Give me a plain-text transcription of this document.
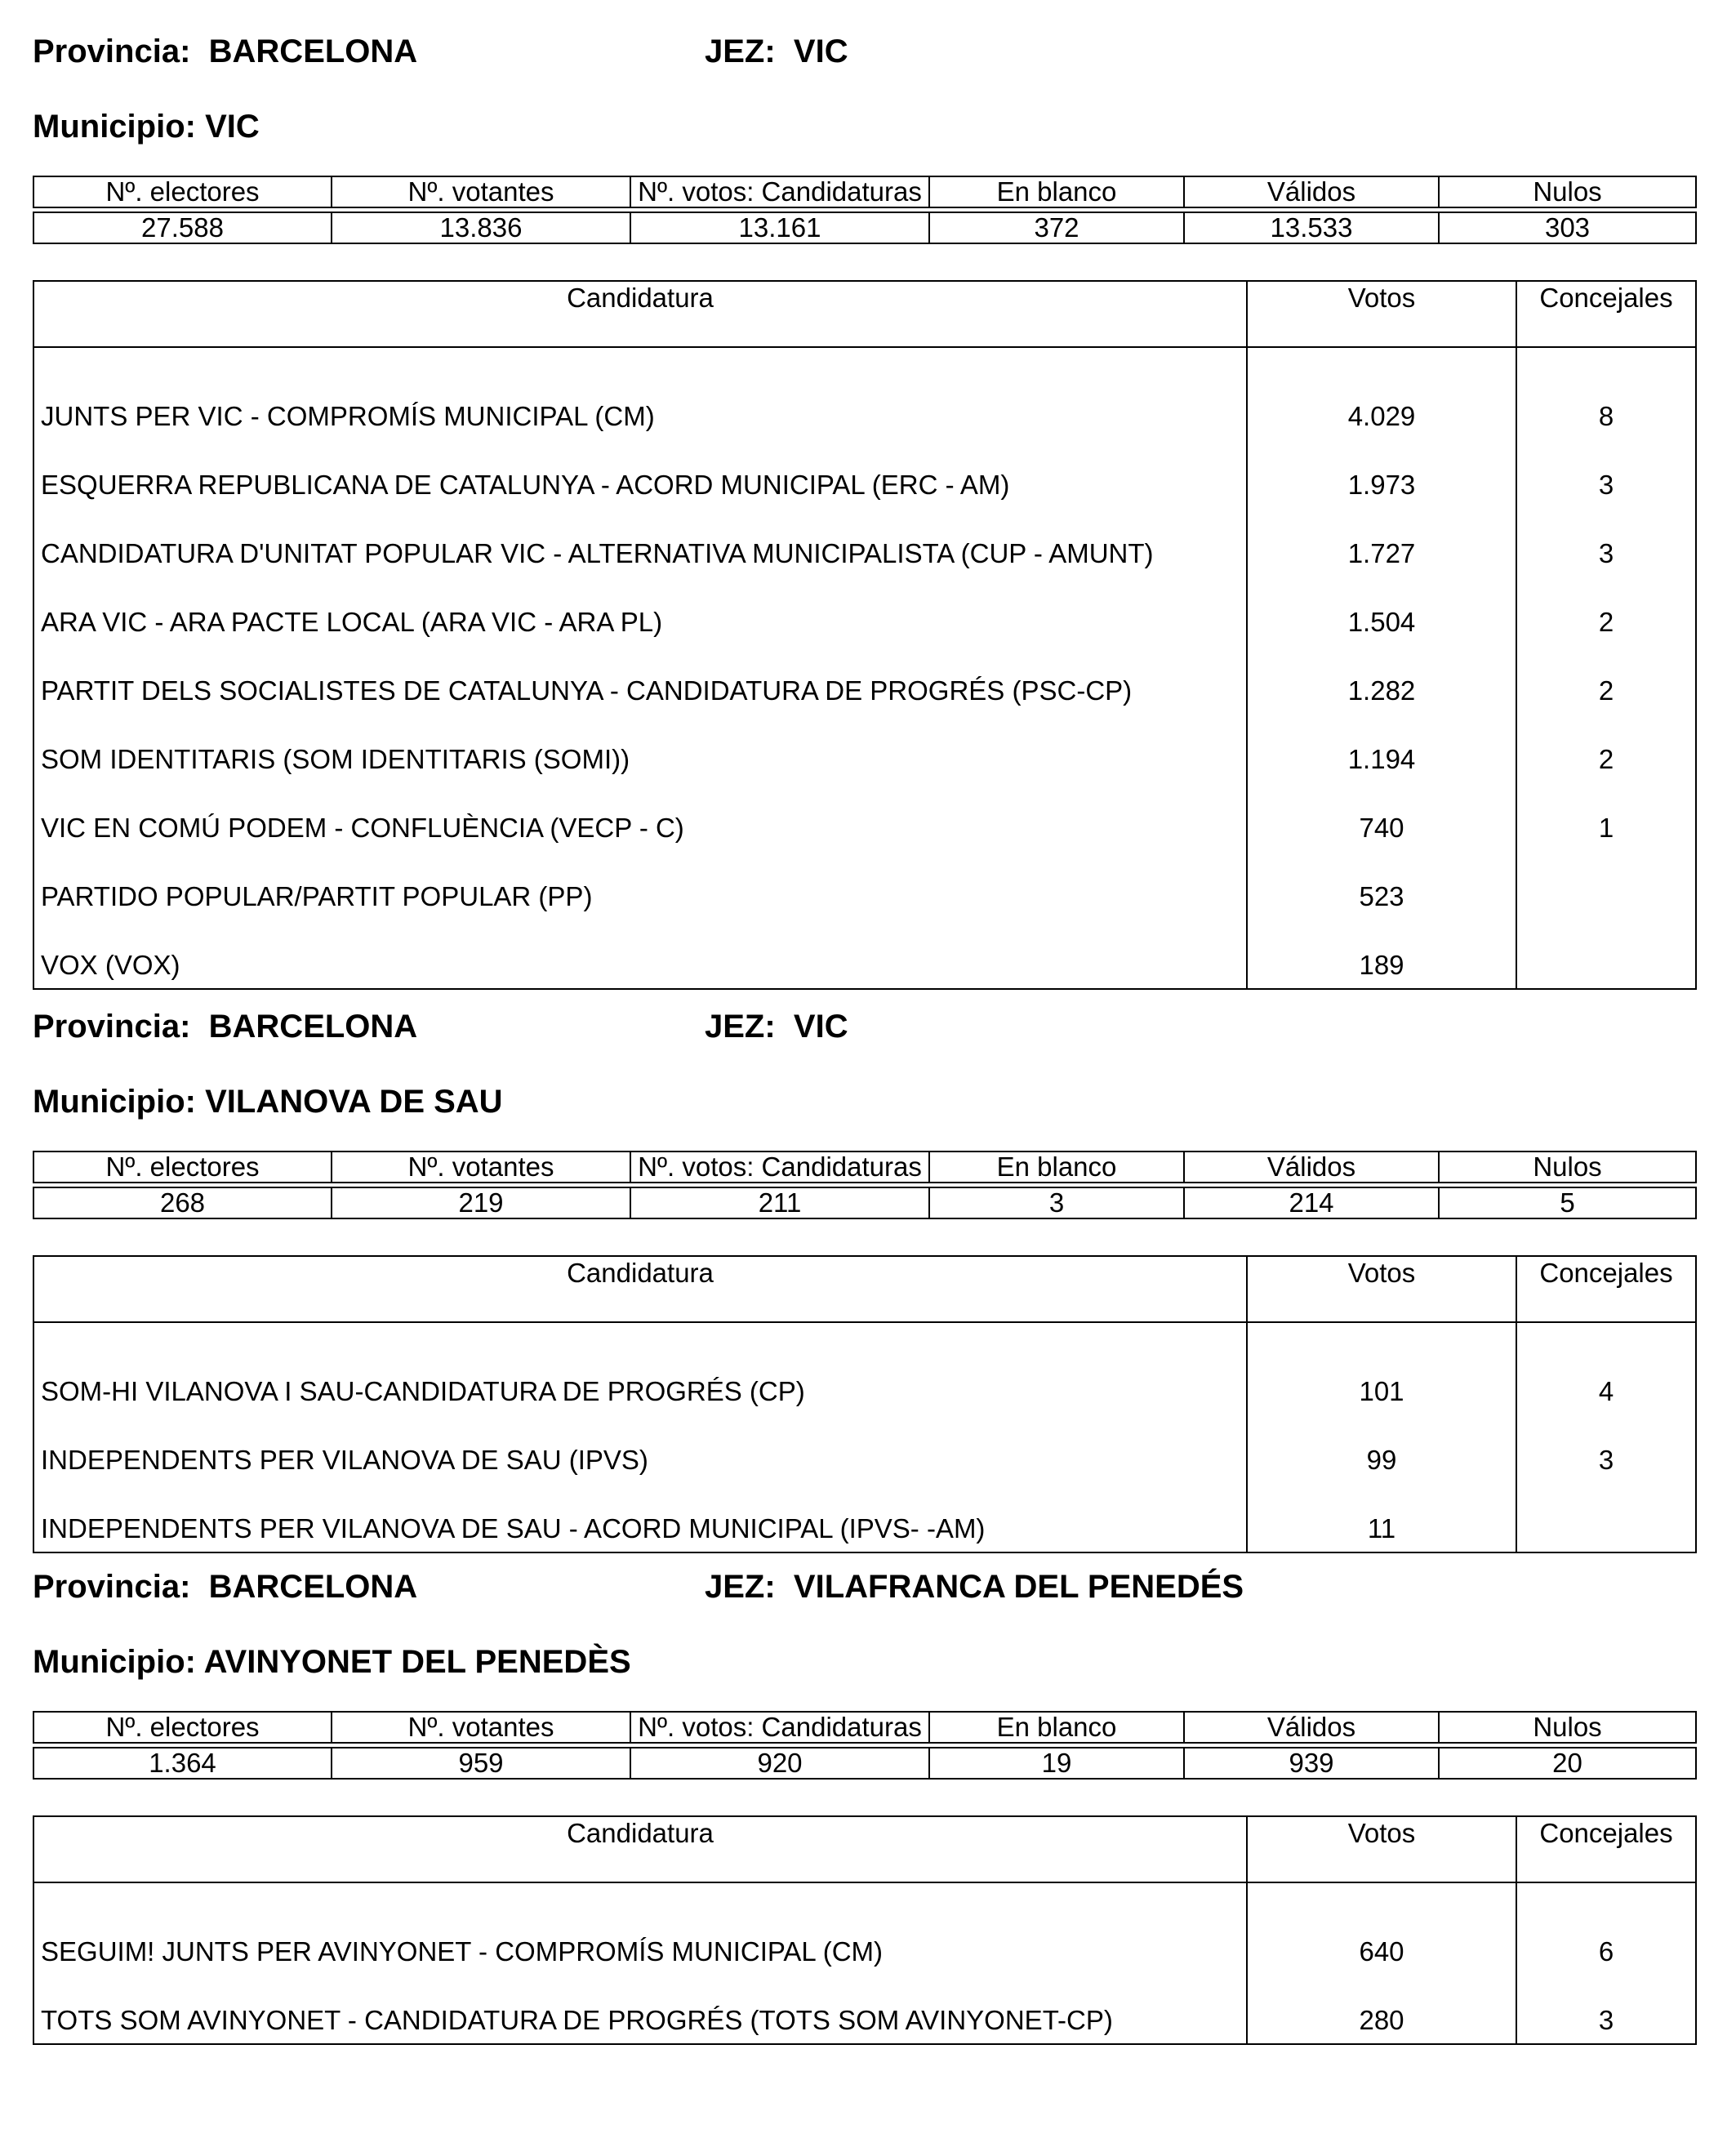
Provincia: BARCELONA	JEZ: VIC
Municipio: VIC
Nº. electores	Nº. votantes	Nº. votos: Candidaturas	En blanco	Válidos	Nulos

27.588	13.836	13.161	372	13.533	303
Candidatura	Votos	Concejales
JUNTS PER VIC - COMPROMÍS MUNICIPAL (CM)	4.029	8
ESQUERRA REPUBLICANA DE CATALUNYA - ACORD MUNICIPAL (ERC - AM)	1.973	3
CANDIDATURA D'UNITAT POPULAR VIC - ALTERNATIVA MUNICIPALISTA (CUP - AMUNT)	1.727	3
ARA VIC - ARA PACTE LOCAL (ARA VIC - ARA PL)	1.504	2
PARTIT DELS SOCIALISTES DE CATALUNYA - CANDIDATURA DE PROGRÉS (PSC-CP)	1.282	2
SOM IDENTITARIS (SOM IDENTITARIS (SOMI))	1.194	2
VIC EN COMÚ PODEM - CONFLUÈNCIA (VECP - C)	740	1
PARTIDO POPULAR/PARTIT POPULAR (PP)	523	
VOX (VOX)	189	
Provincia: BARCELONA	JEZ: VIC
Municipio: VILANOVA DE SAU
Nº. electores	Nº. votantes	Nº. votos: Candidaturas	En blanco	Válidos	Nulos

268	219	211	3	214	5
Candidatura	Votos	Concejales
SOM-HI VILANOVA I SAU-CANDIDATURA DE PROGRÉS (CP)	101	4
INDEPENDENTS PER VILANOVA DE SAU (IPVS)	99	3
INDEPENDENTS PER VILANOVA DE SAU - ACORD MUNICIPAL (IPVS- -AM)	11	
Provincia: BARCELONA	JEZ: VILAFRANCA DEL PENEDÉS
Municipio: AVINYONET DEL PENEDÈS
Nº. electores	Nº. votantes	Nº. votos: Candidaturas	En blanco	Válidos	Nulos

1.364	959	920	19	939	20
Candidatura	Votos	Concejales
SEGUIM! JUNTS PER AVINYONET - COMPROMÍS MUNICIPAL (CM)	640	6
TOTS SOM AVINYONET - CANDIDATURA DE PROGRÉS (TOTS SOM AVINYONET-CP)	280	3
